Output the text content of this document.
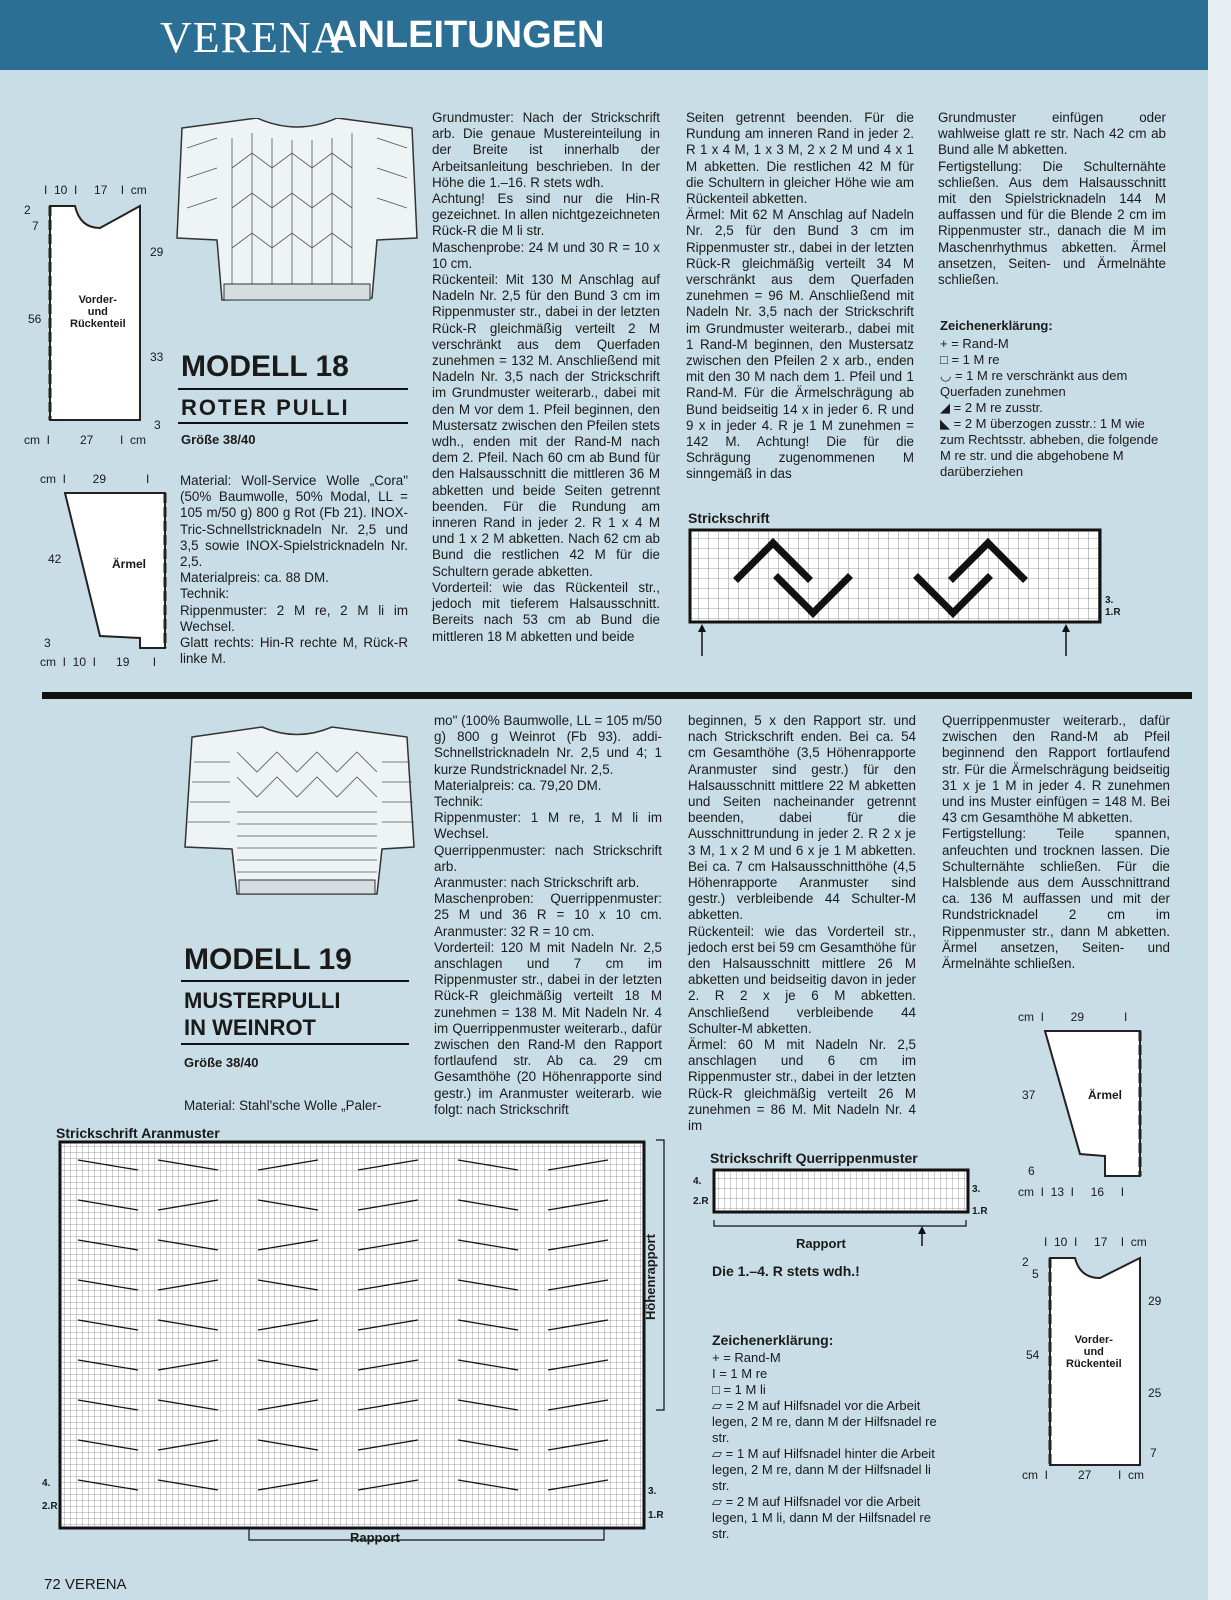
VERENA
ANLEITUNGEN
I  10  I     17    I  cm
Vorder-
und
Rückenteil
2
7
56
29
33
3
cm  I         27        I  cm
cm  I        29            I
Ärmel
42
3
cm  I  10  I      19       I
MODELL 18
ROTER PULLI
Größe 38/40
Material: Woll-Service Wolle „Cora" (50% Baumwolle, 50% Modal, LL = 105 m/50 g) 800 g Rot (Fb 21). INOX-Tric-Schnellstricknadeln Nr. 2,5 und 3,5 sowie INOX-Spielstricknadeln Nr. 2,5.
Materialpreis: ca. 88 DM.
Technik:
Rippenmuster: 2 M re, 2 M li im Wechsel.
Glatt rechts: Hin-R rechte M, Rück-R linke M.
Grundmuster: Nach der Strickschrift arb. Die genaue Mustereinteilung in der Breite ist innerhalb der Arbeitsanleitung beschrieben. In der Höhe die 1.–16. R stets wdh.
Achtung! Es sind nur die Hin-R gezeichnet. In allen nichtgezeichneten Rück-R die M li str.
Maschenprobe: 24 M und 30 R = 10 x 10 cm.
Rückenteil: Mit 130 M Anschlag auf Nadeln Nr. 2,5 für den Bund 3 cm im Rippenmuster str., dabei in der letzten Rück-R gleichmäßig verteilt 2 M verschränkt aus dem Querfaden zunehmen = 132 M. Anschließend mit Nadeln Nr. 3,5 nach der Strickschrift im Grundmuster weiterarb., dabei mit den M vor dem 1. Pfeil beginnen, den Mustersatz zwischen den Pfeilen stets wdh., enden mit der Rand-M nach dem 2. Pfeil. Nach 60 cm ab Bund für den Halsausschnitt die mittleren 36 M abketten und beide Seiten getrennt beenden. Für die Rundung am inneren Rand in jeder 2. R 1 x 4 M und 1 x 2 M abketten. Nach 62 cm ab Bund die restlichen 42 M für die Schultern gerade abketten.
Vorderteil: wie das Rückenteil str., jedoch mit tieferem Halsausschnitt. Bereits nach 53 cm ab Bund die mittleren 18 M abketten und beide
Seiten getrennt beenden. Für die Rundung am inneren Rand in jeder 2. R 1 x 4 M, 1 x 3 M, 2 x 2 M und 4 x 1 M abketten. Die restlichen 42 M für die Schultern in gleicher Höhe wie am Rückenteil abketten.
Ärmel: Mit 62 M Anschlag auf Nadeln Nr. 2,5 für den Bund 3 cm im Rippenmuster str., dabei in der letzten Rück-R gleichmäßig verteilt 34 M verschränkt aus dem Querfaden zunehmen = 96 M. Anschließend mit Nadeln Nr. 3,5 nach der Strickschrift im Grundmuster weiterarb., dabei mit 1 Rand-M beginnen, den Mustersatz zwischen den Pfeilen 2 x arb., enden mit den 30 M nach dem 1. Pfeil und 1 Rand-M. Für die Ärmelschrägung ab Bund beidseitig 14 x in jeder 6. R und 9 x in jeder 4. R je 1 M zunehmen = 142 M. Achtung! Die für die Schrägung zugenommenen M sinngemäß in das
Grundmuster einfügen oder wahlweise glatt re str. Nach 42 cm ab Bund alle M abketten.
Fertigstellung: Die Schulternähte schließen. Aus dem Halsausschnitt mit den Spielstricknadeln 144 M auffassen und für die Blende 2 cm im Rippenmuster str., danach die M im Maschenrhythmus abketten. Ärmel ansetzen, Seiten- und Ärmelnähte schließen.
Zeichenerklärung:
+ = Rand-M
□ = 1 M re
◡ = 1 M re verschränkt aus dem Querfaden zunehmen
◢ = 2 M re zusstr.
◣ = 2 M überzogen zusstr.: 1 M wie zum Rechtsstr. abheben, die folgende M re str. und die abgehobene M darüberziehen
Strickschrift
3.
1.R
MODELL 19
MUSTERPULLI
IN WEINROT
Größe 38/40
Material: Stahl'sche Wolle „Paler-
mo" (100% Baumwolle, LL = 105 m/50 g) 800 g Weinrot (Fb 93). addi-Schnellstricknadeln Nr. 2,5 und 4; 1 kurze Rundstricknadel Nr. 2,5.
Materialpreis: ca. 79,20 DM.
Technik:
Rippenmuster: 1 M re, 1 M li im Wechsel.
Querrippenmuster: nach Strickschrift arb.
Aranmuster: nach Strickschrift arb.
Maschenproben: Querrippenmuster: 25 M und 36 R = 10 x 10 cm. Aranmuster: 32 R = 10 cm.
Vorderteil: 120 M mit Nadeln Nr. 2,5 anschlagen und 7 cm im Rippenmuster str., dabei in der letzten Rück-R gleichmäßig verteilt 18 M zunehmen = 138 M. Mit Nadeln Nr. 4 im Querrippenmuster weiterarb., dafür zwischen den Rand-M den Rapport fortlaufend str. Ab ca. 29 cm Gesamthöhe (20 Höhenrapporte sind gestr.) im Aranmuster weiterarb. wie folgt: nach Strickschrift
beginnen, 5 x den Rapport str. und nach Strickschrift enden. Bei ca. 54 cm Gesamthöhe (3,5 Höhenrapporte Aranmuster sind gestr.) für den Halsausschnitt mittlere 22 M abketten und Seiten nacheinander getrennt beenden, dabei für die Ausschnittrundung in jeder 2. R 2 x je 3 M, 1 x 2 M und 6 x je 1 M abketten. Bei ca. 7 cm Halsausschnitthöhe (4,5 Höhenrapporte Aranmuster sind gestr.) verbleibende 44 Schulter-M abketten.
Rückenteil: wie das Vorderteil str., jedoch erst bei 59 cm Gesamthöhe für den Halsausschnitt mittlere 26 M abketten und beidseitig davon in jeder 2. R 2 x je 6 M abketten. Anschließend verbleibende 44 Schulter-M abketten.
Ärmel: 60 M mit Nadeln Nr. 2,5 anschlagen und 6 cm im Rippenmuster str., dabei in der letzten Rück-R gleichmäßig verteilt 26 M zunehmen = 86 M. Mit Nadeln Nr. 4 im
Querrippenmuster weiterarb., dafür zwischen den Rand-M ab Pfeil beginnend den Rapport fortlaufend str. Für die Ärmelschrägung beidseitig 31 x je 1 M in jeder 4. R zunehmen und ins Muster einfügen = 148 M. Bei 43 cm Gesamthöhe M abketten.
Fertigstellung: Teile spannen, anfeuchten und trocknen lassen. Die Schulternähte schließen. Für die Halsblende aus dem Ausschnittrand ca. 136 M auffassen und mit der Rundstricknadel 2 cm im Rippenmuster str., dann M abketten. Ärmel ansetzen, Seiten- und Ärmelnähte schließen.
Strickschrift Aranmuster
Höhenrapport
Rapport
4.
2.R
3.
1.R
Strickschrift Querrippenmuster
4.
2.R
3.
1.R
Rapport
Die 1.–4. R stets wdh.!
Zeichenerklärung:
+ = Rand-M
I = 1 M re
□ = 1 M li
▱ = 2 M auf Hilfsnadel vor die Arbeit legen, 2 M re, dann M der Hilfsnadel re str.
▱ = 1 M auf Hilfsnadel hinter die Arbeit legen, 2 M re, dann M der Hilfsnadel li str.
▱ = 2 M auf Hilfsnadel vor die Arbeit legen, 1 M li, dann M der Hilfsnadel re str.
cm  I        29            I
Ärmel
37
6
cm  I  13  I     16     I
I  10  I     17    I  cm
Vorder-
und
Rückenteil
2
5
54
29
25
7
cm  I         27        I  cm
72 VERENA
